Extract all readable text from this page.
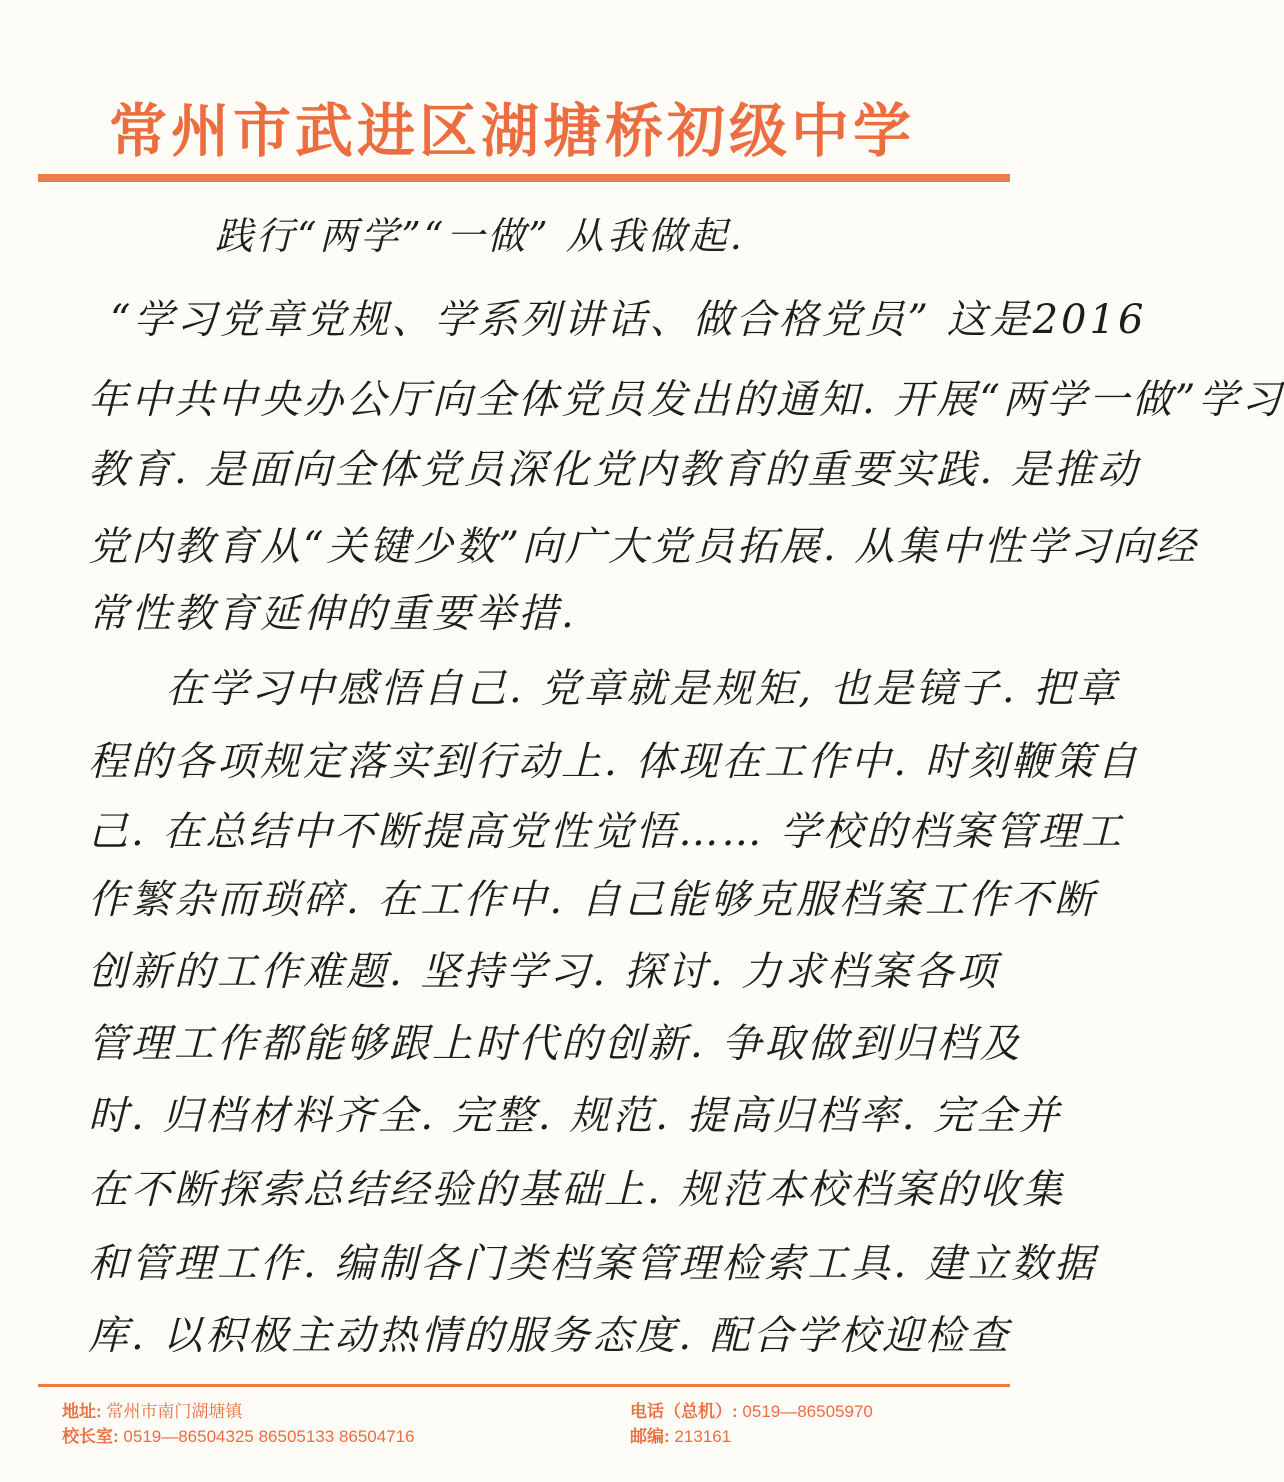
常州市武进区湖塘桥初级中学
践行“两学”“一做” 从我做起.
“学习党章党规、学系列讲话、做合格党员” 这是2016
年中共中央办公厅向全体党员发出的通知. 开展“两学一做”学习
教育. 是面向全体党员深化党内教育的重要实践. 是推动
党内教育从“关键少数”向广大党员拓展. 从集中性学习向经
常性教育延伸的重要举措.
在学习中感悟自己. 党章就是规矩, 也是镜子. 把章
程的各项规定落实到行动上. 体现在工作中. 时刻鞭策自
己. 在总结中不断提高党性觉悟…… 学校的档案管理工
作繁杂而琐碎. 在工作中. 自己能够克服档案工作不断
创新的工作难题. 坚持学习. 探讨. 力求档案各项
管理工作都能够跟上时代的创新. 争取做到归档及
时. 归档材料齐全. 完整. 规范. 提高归档率. 完全并
在不断探索总结经验的基础上. 规范本校档案的收集
和管理工作. 编制各门类档案管理检索工具. 建立数据
库. 以积极主动热情的服务态度. 配合学校迎检查
地址: 常州市南门湖塘镇	电话（总机）: 0519—86505970
校长室: 0519—86504325 86505133 86504716	邮编: 213161
